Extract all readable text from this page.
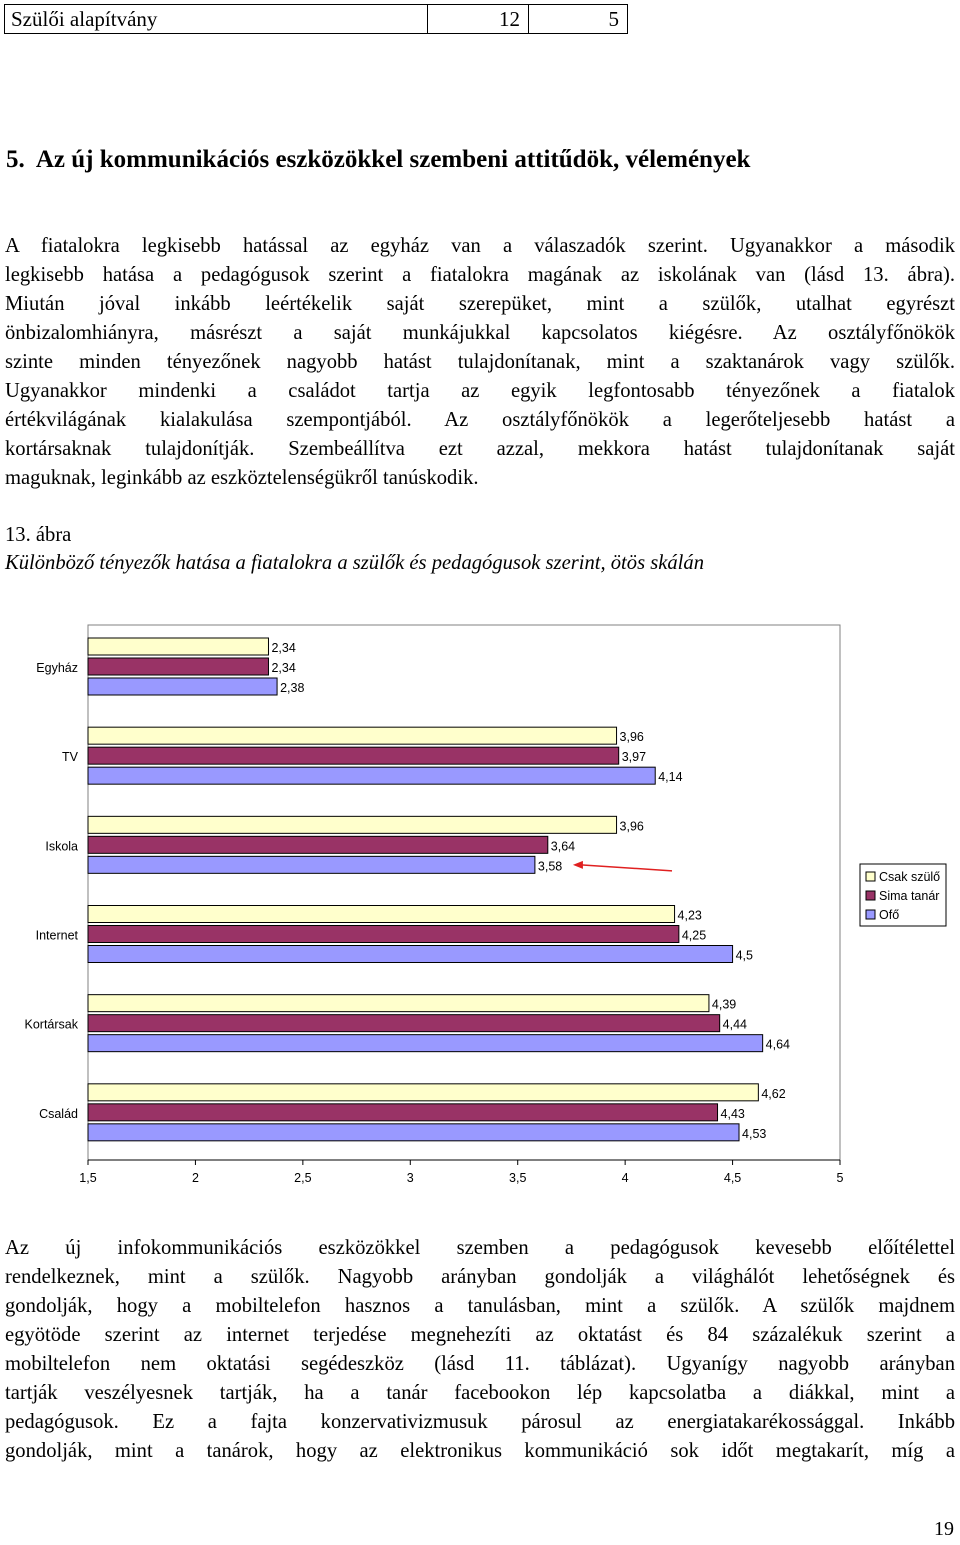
Szülői alapítvány	12	5
5. Az új kommunikációs eszközökkel szembeni attitűdök, vélemények
A fiatalokra legkisebb hatással az egyház van a válaszadók szerint. Ugyanakkor a második
legkisebb hatása a pedagógusok szerint a fiatalokra magának az iskolának van (lásd 13. ábra).
Miután jóval inkább leértékelik saját szerepüket, mint a szülők, utalhat egyrészt
önbizalomhiányra, másrészt a saját munkájukkal kapcsolatos kiégésre. Az osztályfőnökök
szinte minden tényezőnek nagyobb hatást tulajdonítanak, mint a szaktanárok vagy szülők.
Ugyanakkor mindenki a családot tartja az egyik legfontosabb tényezőnek a fiatalok
értékvilágának kialakulása szempontjából. Az osztályfőnökök a legerőteljesebb hatást a
kortársaknak tulajdonítják. Szembeállítva ezt azzal, mekkora hatást tulajdonítanak saját
maguknak, leginkább az eszköztelenségükről tanúskodik.
13. ábra
Különböző tényezők hatása a fiatalokra a szülők és pedagógusok szerint, ötös skálán
2,34
2,34
2,38
Egyház
3,96
3,97
4,14
TV
3,96
3,64
3,58
Iskola
4,23
4,25
4,5
Internet
4,39
4,44
4,64
Kortársak
4,62
4,43
4,53
Család
1,5	2	2,5	3	3,5	4	4,5	5
Csak szülő
Sima tanár
Ofő
Az új infokommunikációs eszközökkel szemben a pedagógusok kevesebb előítélettel
rendelkeznek, mint a szülők. Nagyobb arányban gondolják a világhálót lehetőségnek és
gondolják, hogy a mobiltelefon hasznos a tanulásban, mint a szülők. A szülők majdnem
egyötöde szerint az internet terjedése megnehezíti az oktatást és 84 százalékuk szerint a
mobiltelefon nem oktatási segédeszköz (lásd 11. táblázat). Ugyanígy nagyobb arányban
tartják veszélyesnek tartják, ha a tanár facebookon lép kapcsolatba a diákkal, mint a
pedagógusok. Ez a fajta konzervativizmusuk párosul az energiatakarékossággal. Inkább
gondolják, mint a tanárok, hogy az elektronikus kommunikáció sok időt megtakarít, míg a
19
